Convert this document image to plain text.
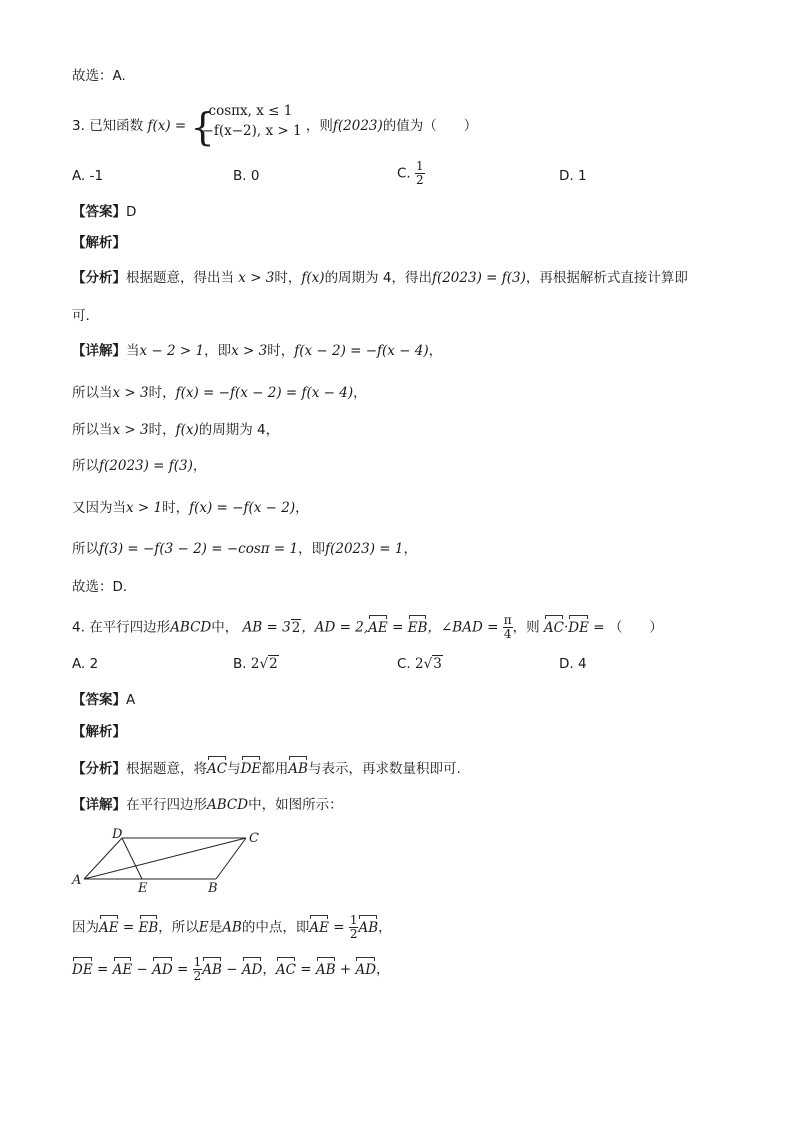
故选：A.
3. 已知函数 f(x) = {
cosπx, x ≤ 1
−f(x−2), x > 1 ，则f(2023)的值为（　　）
A. -1	B. 0	C. $\frac{1}{2}$	D. 1
【答案】D
【解析】
【分析】根据题意，得出当 x > 3时，f(x)的周期为 4，得出f(2023) = f(3)，再根据解析式直接计算即
可.
【详解】当x − 2 > 1，即x > 3时，f(x − 2) = −f(x − 4)，
所以当x > 3时，f(x) = −f(x − 2) = f(x − 4)，
所以当x > 3时，f(x)的周期为 4，
所以f(2023) = f(3)，
又因为当x > 1时，f(x) = −f(x − 2)，
所以f(3) = −f(3 − 2) = −cosπ = 1，即f(2023) = 1，
故选：D．
4. 在平行四边形ABCD中， AB = 32，AD = 2,AE = EB，∠BAD = $\frac{\pi}{4}$ ，则 AC·DE = （　　）
A. 2	B. 2√2	C. 2√3	D. 4
【答案】A
【解析】
【分析】根据题意，将AC与DE都用AB与表示，再求数量积即可.
【详解】在平行四边形ABCD中，如图所示：
A
B
C
D
E
因为AE = EB，所以E是AB的中点，即AE = $\frac{1}{2}$ AB，
DE = AE − AD = $\frac{1}{2}$ AB − AD，AC = AB + AD，
